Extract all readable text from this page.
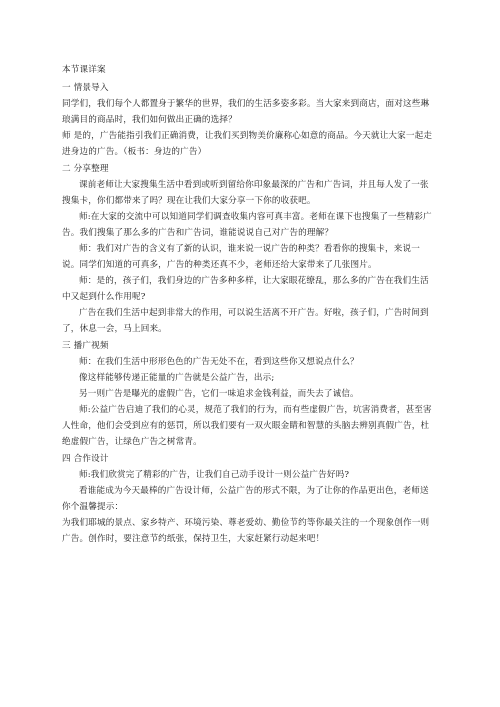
本节课详案

一 情景导入

同学们，我们每个人都置身于繁华的世界，我们的生活多姿多彩。当大家来到商店，面对这些琳琅满目的商品时，我们如何做出正确的选择？

师 是的，广告能指引我们正确消费，让我们买到物美价廉称心如意的商品。今天就让大家一起走进身边的广告。（板书：身边的广告）

二 分享整理

课前老师让大家搜集生活中看到或听到留给你印象最深的广告和广告词，并且每人发了一张搜集卡，你们都带来了吗？现在让我们大家分享一下你的收获吧。

师:在大家的交流中可以知道同学们调查收集内容可真丰富。老师在课下也搜集了一些精彩广告。我们搜集了那么多的广告和广告词，谁能说说自己对广告的理解？

师：我们对广告的含义有了新的认识，谁来说一说广告的种类？看看你的搜集卡，来说一说。同学们知道的可真多，广告的种类还真不少，老师还给大家带来了几张图片。

师：是的，孩子们，我们身边的广告多种多样，让大家眼花缭乱，那么多的广告在我们生活中又起到什么作用呢?

广告在我们生活中起到非常大的作用，可以说生活离不开广告。好啦，孩子们，广告时间到了，休息一会，马上回来。

三 播广视频

师：在我们生活中形形色色的广告无处不在，看到这些你又想说点什么？

像这样能够传递正能量的广告就是公益广告，出示;

另一则广告是曝光的虚假广告，它们一味追求金钱利益，而失去了诚信。

师:公益广告启迪了我们的心灵，规范了我们的行为，而有些虚假广告，坑害消费者，甚至害人性命，他们会受到应有的惩罚，所以我们要有一双火眼金睛和智慧的头脑去辨别真假广告，杜绝虚假广告，让绿色广告之树常青。

四 合作设计

师:我们欣赏完了精彩的广告，让我们自己动手设计一则公益广告好吗?

看谁能成为今天最棒的广告设计师，公益广告的形式不限，为了让你的作品更出色，老师送你个温馨提示：

为我们耶城的景点、家乡特产、环境污染、尊老爱幼、勤俭节约等你最关注的一个现象创作一则广告。创作时，要注意节约纸张，保持卫生，大家赶紧行动起来吧！
